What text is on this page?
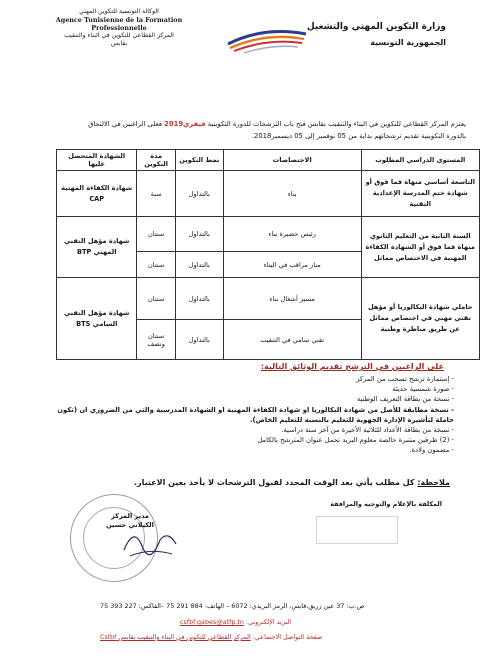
الوكالة التونسية للتكوين المهني
Agence Tunisienne de la Formation
Professionnelle
المركز القطاعي للتكوين في البناء والتنقيب
بقابس
وزارة التكوين المهني والتشغيل
الجمهورية التونسية
يعتزم المركز القطاعي للتكوين في البناء والتنقيب بقابس فتح باب الترشحات للدورة التكوينية فيفري2019 فعلى الراغبين في الالتحاق
بالدورة التكوينية تقديم ترشحاتهم بداية من 05 نوفمبر إلى 05 ديسمبر2018.
المستوى الدراسي المطلوب	الاختصاصات	نمط التكوين	مدة التكوين	الشهادة المتحصل عليها
التاسعة أساسي منهاة فما فوق أو شهادة ختم المدرسة الإعدادية التقنية	بناء	بالتداول	سنة	شهادة الكفاءة المهنية CAP
السنة الثانية من التعليم الثانوي منهاة فما فوق أو الشهادة الكفاءة المهنية في الاختصاص مماثل	رئيس حضيرة بناء	بالتداول	سنتان	شهادة مؤهل التقني المهني BTP
	منار مراقب في البناء	بالتداول	سنتان	
حاملي شهادة البكالوريا أو مؤهل تقني مهني في اختصاص مماثل عن طريق مناظرة وطنية	مسير أشغال بناء	بالتداول	سنتان	شهادة مؤهل التقني السامي BTS
	تقني سامي في التنقيب	بالتداول	سنتان ونصف	
على الراغبين في الترشح تقديم الوثائق التالية:
- إستمارة ترشح تسحب من المركز
- صورة شمسية حديثة
- نسخة من بطاقة التعريف الوطنية
- نسخة مطابقة للأصل من شهادة البكالوريا او شهادة الكفاءة المهنية او الشهادة المدرسية والتي من الضروري ان (تكون حاملة لتأشيرة الإدارة الجهوية للتعليم بالنسبة للتعليم الخاص).
- نسخة من بطاقة الأعداد للثلاثية الأخيرة من آخر سنة دراسية.
- (2) ظرفين متنبرة خالصة معلوم البريد تحمل عنوان المترشح بالكامل
- مضمون ولادة.
ملاحظة: كل مطلب يأتي بعد الوقت المحدد لقبول الترشحات لا يأخذ بعين الاعتبار.
المكلفة بالإعلام والتوجيه والمرافقة
مدير المركز
الكيلاني حسين
ص.ب: 37 عين زريق،قابس، الرمز البريدي: 6072 – الهاتف: 884 291 75 –الفاكس: 227 393 75
البريد الإلكتروني: csfbf.gabes@atfp.tn
صفحة التواصل الاجتماعي: المركز القطاعي للتكوين في البناء والتنقيب بقابس Csfbf
